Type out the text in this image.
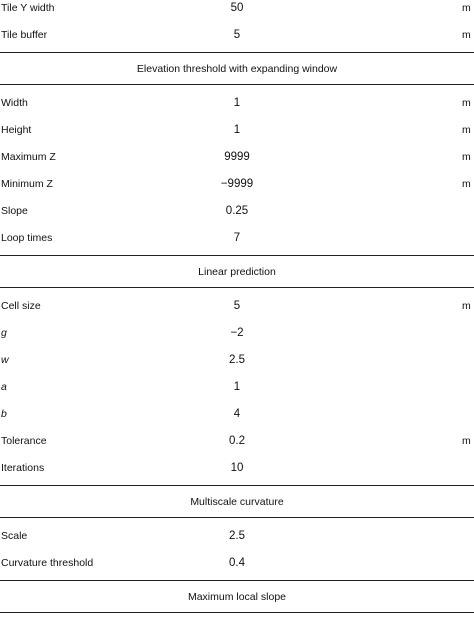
Tile Y width	50	m
Tile buffer	5	m
Elevation threshold with expanding window
Width	1	m
Height	1	m
Maximum Z	9999	m
Minimum Z	−9999	m
Slope	0.25
Loop times	7
Linear prediction
Cell size	5	m
g	−2
w	2.5
a	1
b	4
Tolerance	0.2	m
Iterations	10
Multiscale curvature
Scale	2.5
Curvature threshold	0.4
Maximum local slope
